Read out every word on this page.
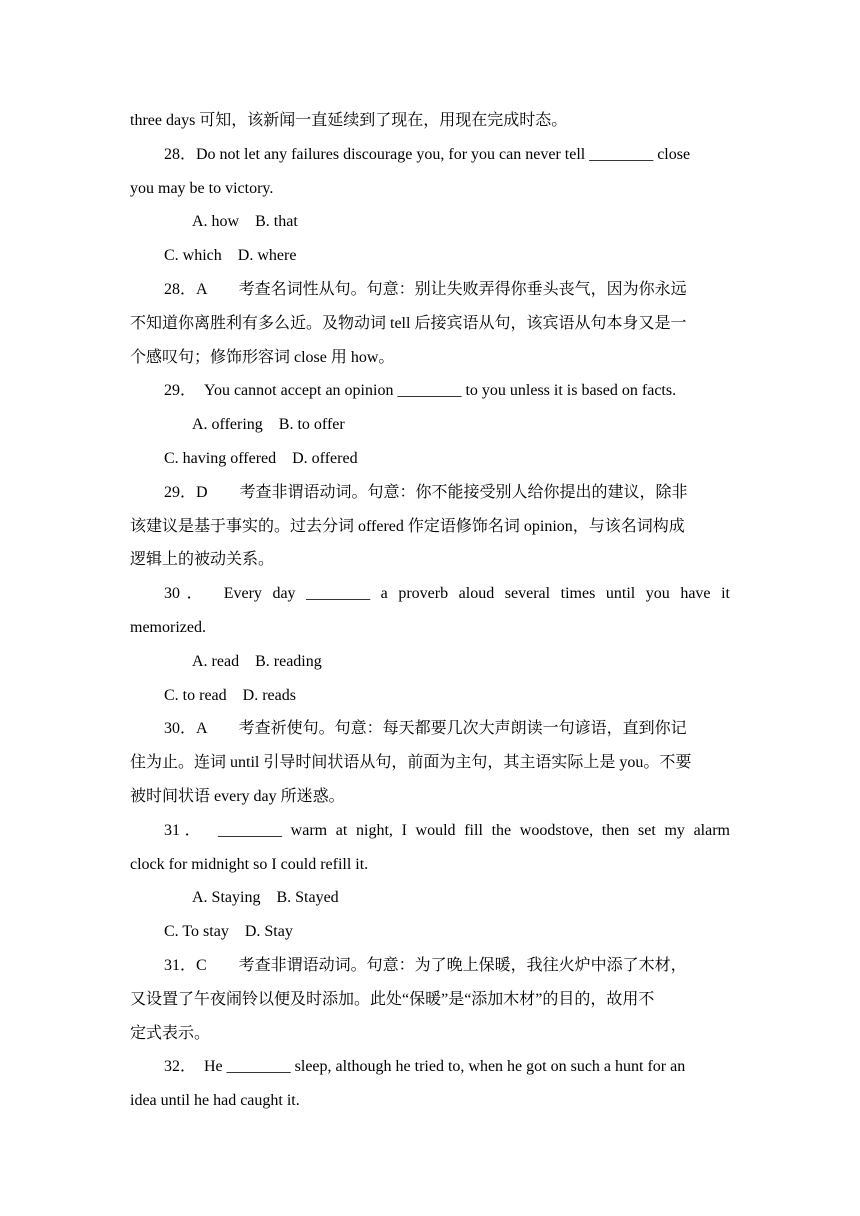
three days 可知，该新闻一直延续到了现在，用现在完成时态。
28．Do not let any failures discourage you, for you can never tell ________ close
you may be to victory.
A. how　B. that
C. which　D. where
28．A　　考查名词性从句。句意：别让失败弄得你垂头丧气，因为你永远
不知道你离胜利有多么近。及物动词 tell 后接宾语从句，该宾语从句本身又是一
个感叹句；修饰形容词 close 用 how。
29．　You cannot accept an opinion ________ to you unless it is based on facts.
A. offering　B. to offer
C. having offered　D. offered
29．D　　考查非谓语动词。句意：你不能接受别人给你提出的建议，除非
该建议是基于事实的。过去分词 offered 作定语修饰名词 opinion，与该名词构成
逻辑上的被动关系。
30．　Every day ________ a proverb aloud several times until you have it
memorized.
A. read　B. reading
C. to read　D. reads
30．A　　考查祈使句。句意：每天都要几次大声朗读一句谚语，直到你记
住为止。连词 until 引导时间状语从句，前面为主句，其主语实际上是 you。不要
被时间状语 every day 所迷惑。
31．　________ warm at night, I would fill the woodstove, then set my alarm
clock for midnight so I could refill it.
A. Staying　B. Stayed
C. To stay　D. Stay
31．C　　考查非谓语动词。句意：为了晚上保暖，我往火炉中添了木材，
又设置了午夜闹铃以便及时添加。此处“保暖”是“添加木材”的目的，故用不
定式表示。
32．　He ________ sleep, although he tried to, when he got on such a hunt for an
idea until he had caught it.
